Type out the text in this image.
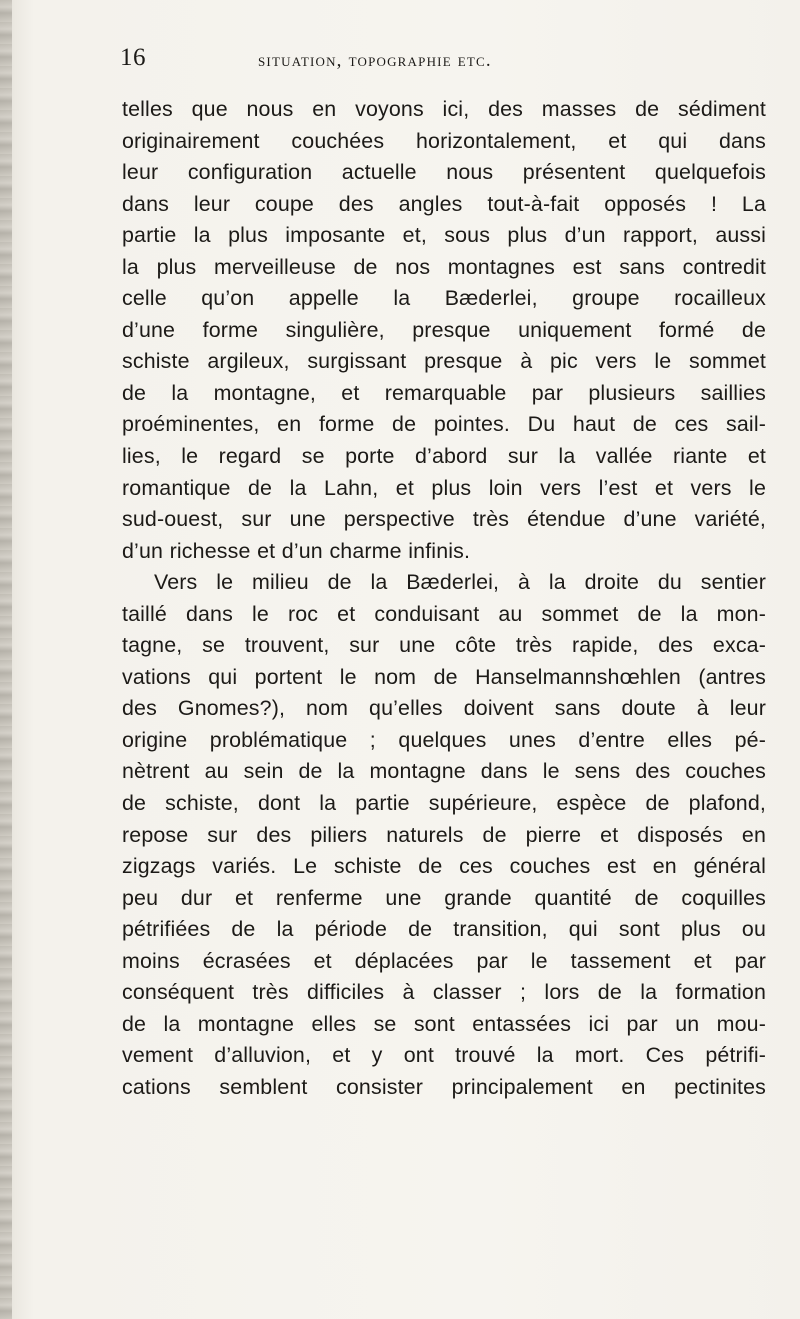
16	situation, topographie etc.
telles que nous en voyons ici, des masses de sédiment
originairement couchées horizontalement, et qui dans
leur configuration actuelle nous présentent quelquefois
dans leur coupe des angles tout-à-fait opposés ! La
partie la plus imposante et, sous plus d’un rapport, aussi
la plus merveilleuse de nos montagnes est sans contredit
celle qu’on appelle la Bæderlei, groupe rocailleux
d’une forme singulière, presque uniquement formé de
schiste argileux, surgissant presque à pic vers le sommet
de la montagne, et remarquable par plusieurs saillies
proéminentes, en forme de pointes. Du haut de ces sail-
lies, le regard se porte d’abord sur la vallée riante et
romantique de la Lahn, et plus loin vers l’est et vers le
sud-ouest, sur une perspective très étendue d’une variété,
d’un richesse et d’un charme infinis.
Vers le milieu de la Bæderlei, à la droite du sentier
taillé dans le roc et conduisant au sommet de la mon-
tagne, se trouvent, sur une côte très rapide, des exca-
vations qui portent le nom de Hanselmannshœhlen (antres
des Gnomes?), nom qu’elles doivent sans doute à leur
origine problématique ; quelques unes d’entre elles pé-
nètrent au sein de la montagne dans le sens des couches
de schiste, dont la partie supérieure, espèce de plafond,
repose sur des piliers naturels de pierre et disposés en
zigzags variés. Le schiste de ces couches est en général
peu dur et renferme une grande quantité de coquilles
pétrifiées de la période de transition, qui sont plus ou
moins écrasées et déplacées par le tassement et par
conséquent très difficiles à classer ; lors de la formation
de la montagne elles se sont entassées ici par un mou-
vement d’alluvion, et y ont trouvé la mort. Ces pétrifi-
cations semblent consister principalement en pectinites
